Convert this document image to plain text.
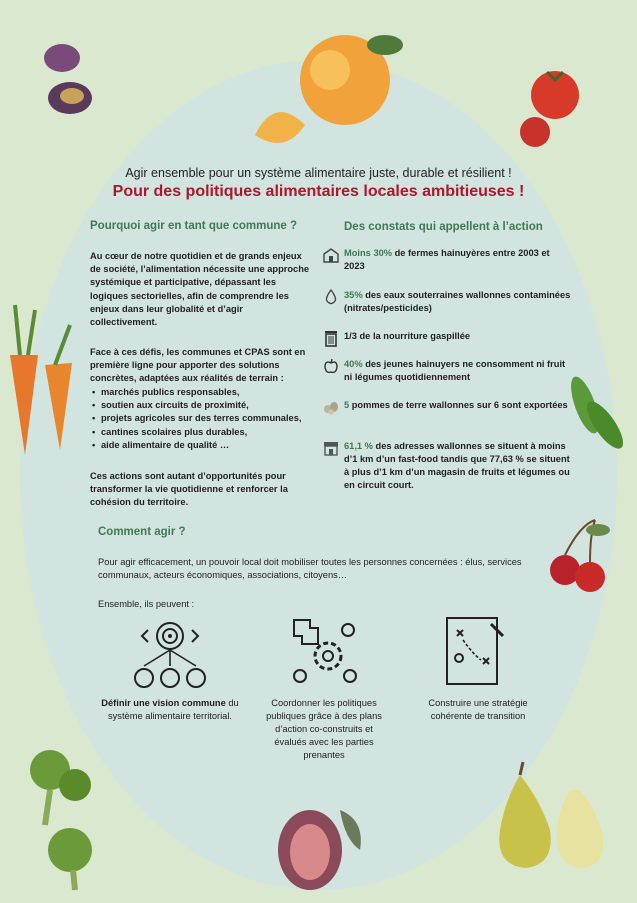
Agir ensemble pour un système alimentaire juste, durable et résilient !
Pour des politiques alimentaires locales ambitieuses !
Pourquoi agir en tant que commune ?
Au cœur de notre quotidien et de grands enjeux de société, l’alimentation nécessite une approche systémique et participative, dépassant les logiques sectorielles, afin de comprendre les enjeux dans leur globalité et d’agir collectivement.
Face à ces défis, les communes et CPAS sont en première ligne pour apporter des solutions concrètes, adaptées aux réalités de terrain :
• marchés publics responsables,
• soutien aux circuits de proximité,
• projets agricoles sur des terres communales,
• cantines scolaires plus durables,
• aide alimentaire de qualité …
Ces actions sont autant d’opportunités pour transformer la vie quotidienne et renforcer la cohésion du territoire.
Des constats qui appellent à l’action
Moins 30% de fermes hainuyères entre 2003 et 2023
35% des eaux souterraines wallonnes contaminées (nitrates/pesticides)
1/3 de la nourriture gaspillée
40% des jeunes hainuyers ne consomment ni fruit ni légumes quotidiennement
5 pommes de terre wallonnes sur 6 sont exportées
61,1 % des adresses wallonnes se situent à moins d’1 km d’un fast-food tandis que 77,63 % se situent à plus d’1 km d’un magasin de fruits et légumes ou en circuit court.
Comment agir ?
Pour agir efficacement, un pouvoir local doit mobiliser toutes les personnes concernées : élus, services communaux, acteurs économiques, associations, citoyens…
Ensemble, ils peuvent :
Définir une vision commune du système alimentaire territorial.
Coordonner les politiques publiques grâce à des plans d’action co-construits et évalués avec les parties prenantes
Construire une stratégie cohérente de transition
